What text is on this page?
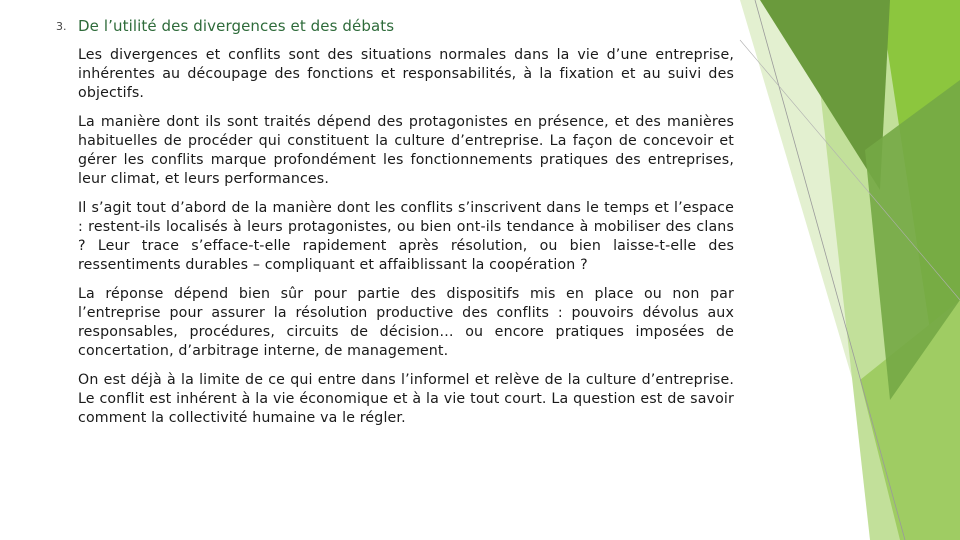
3. De l’utilité des divergences et des débats

Les divergences et conflits sont des situations normales dans la vie d’une entreprise, inhérentes au découpage des fonctions et responsabilités, à la fixation et au suivi des objectifs.

La manière dont ils sont traités dépend des protagonistes en présence, et des manières habituelles de procéder qui constituent la culture d’entreprise. La façon de concevoir et gérer les conflits marque profondément les fonctionnements pratiques des entreprises, leur climat, et leurs performances.

Il s’agit tout d’abord de la manière dont les conflits s’inscrivent dans le temps et l’espace : restent-ils localisés à leurs protagonistes, ou bien ont-ils tendance à mobiliser des clans ? Leur trace s’efface-t-elle rapidement après résolution, ou bien laisse-t-elle des ressentiments durables – compliquant et affaiblissant la coopération ?

La réponse dépend bien sûr pour partie des dispositifs mis en place ou non par l’entreprise pour assurer la résolution productive des conflits : pouvoirs dévolus aux responsables, procédures, circuits de décision… ou encore pratiques imposées de concertation, d’arbitrage interne, de management.

On est déjà à la limite de ce qui entre dans l’informel et relève de la culture d’entreprise. Le conflit est inhérent à la vie économique et à la vie tout court. La question est de savoir comment la collectivité humaine va le régler.
